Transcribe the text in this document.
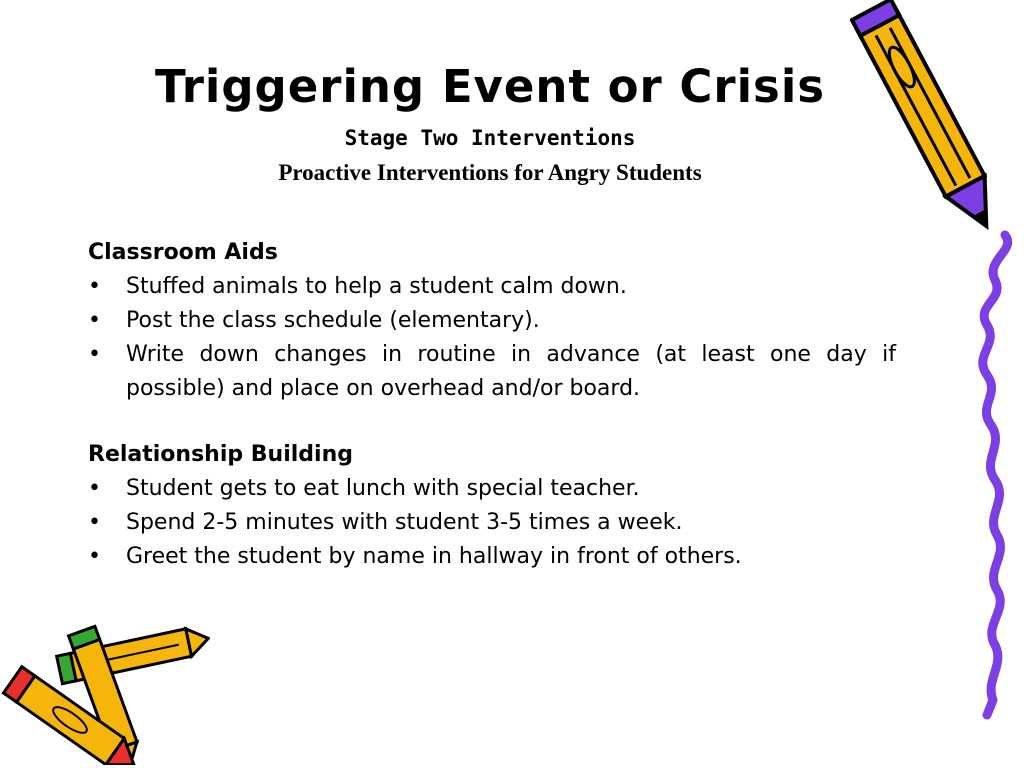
Triggering Event or Crisis
Stage Two Interventions
Proactive Interventions for Angry Students
Classroom Aids
• Stuffed animals to help a student calm down.
• Post the class schedule (elementary).
• Write down changes in routine in advance (at least one day if possible) and place on overhead and/or board.
Relationship Building
• Student gets to eat lunch with special teacher.
• Spend 2-5 minutes with student 3-5 times a week.
• Greet the student by name in hallway in front of others.
